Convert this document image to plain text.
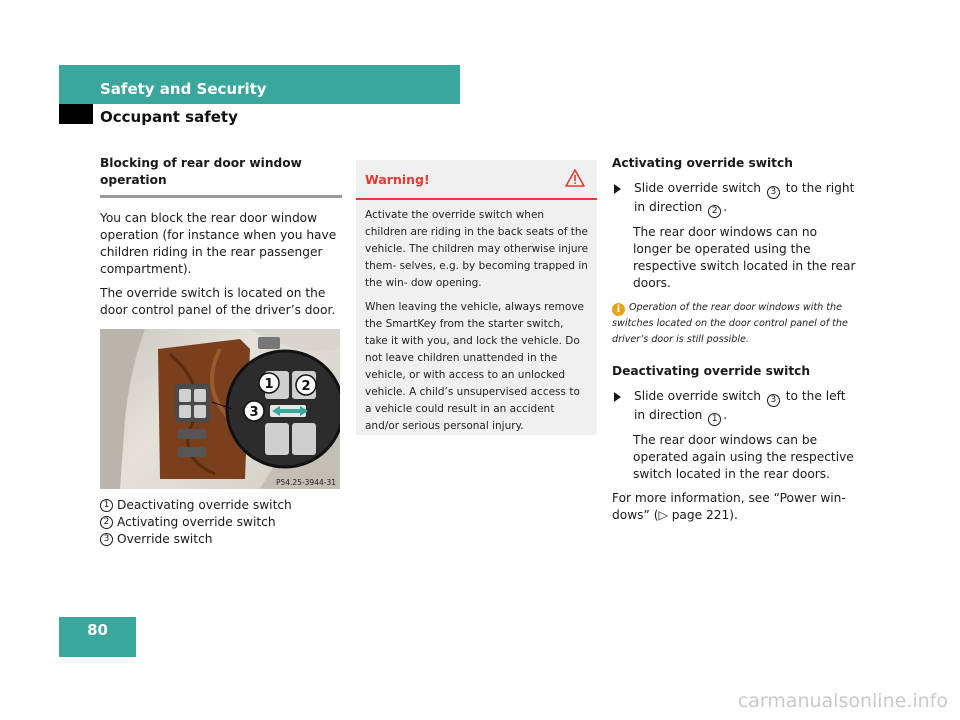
Safety and Security
Occupant safety
Blocking of rear door window operation

You can block the rear door window operation (for instance when you have children riding in the rear passenger compartment).

The override switch is located on the door control panel of the driver’s door.

1 2
3
P54.25-3944-31
1 Deactivating override switch
2 Activating override switch
3 Override switch
Warning!

Activate the override switch when children are riding in the back seats of the vehicle. The children may otherwise injure them- selves, e.g. by becoming trapped in the win- dow opening.

When leaving the vehicle, always remove the SmartKey from the starter switch, take it with you, and lock the vehicle. Do not leave children unattended in the vehicle, or with access to an unlocked vehicle. A child’s unsupervised access to a vehicle could result in an accident and/or serious personal injury.

Activating override switch
Slide override switch 3 to the right in direction 2 .

The rear door windows can no longer be operated using the respective switch located in the rear doors.

i Operation of the rear door windows with the switches located on the door control panel of the driver’s door is still possible.
Deactivating override switch
Slide override switch 3 to the left in direction 1 .

The rear door windows can be operated again using the respective switch located in the rear doors.

For more information, see “Power win- dows” (▷ page 221).

80
carmanualsonline.info
